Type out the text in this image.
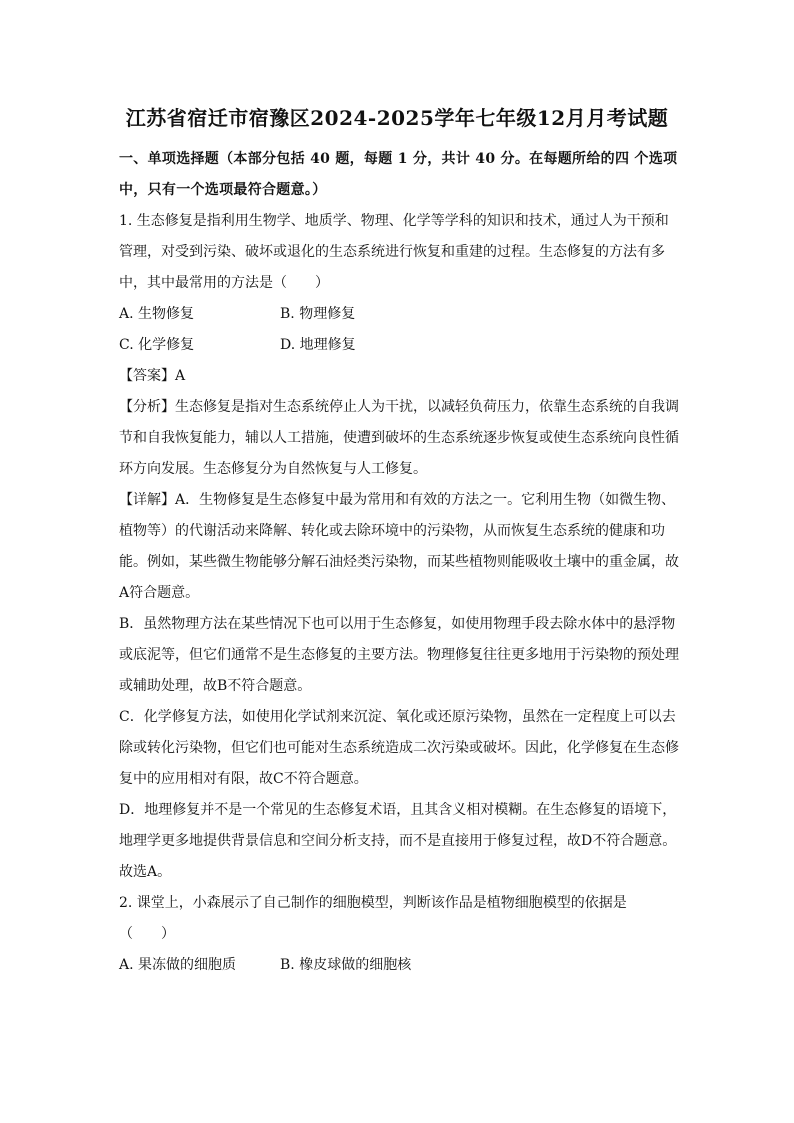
江苏省宿迁市宿豫区2024-2025学年七年级12月月考试题

一、单项选择题（本部分包括 40 题，每题 1 分，共计 40 分。在每题所给的四 个选项中，只有一个选项最符合题意。）

1. 生态修复是指利用生物学、地质学、物理、化学等学科的知识和技术，通过人为干预和管理，对受到污染、破坏或退化的生态系统进行恢复和重建的过程。生态修复的方法有多中，其中最常用的方法是（　　）

A. 生物修复	B. 物理修复
C. 化学修复	D. 地理修复

【答案】A

【分析】生态修复是指对生态系统停止人为干扰，以减轻负荷压力，依靠生态系统的自我调节和自我恢复能力，辅以人工措施，使遭到破坏的生态系统逐步恢复或使生态系统向良性循环方向发展。生态修复分为自然恢复与人工修复。

【详解】A．生物修复是生态修复中最为常用和有效的方法之一。它利用生物（如微生物、植物等）的代谢活动来降解、转化或去除环境中的污染物，从而恢复生态系统的健康和功能。例如，某些微生物能够分解石油烃类污染物，而某些植物则能吸收土壤中的重金属，故A符合题意。

B．虽然物理方法在某些情况下也可以用于生态修复，如使用物理手段去除水体中的悬浮物或底泥等，但它们通常不是生态修复的主要方法。物理修复往往更多地用于污染物的预处理或辅助处理，故B不符合题意。

C．化学修复方法，如使用化学试剂来沉淀、氧化或还原污染物，虽然在一定程度上可以去除或转化污染物，但它们也可能对生态系统造成二次污染或破坏。因此，化学修复在生态修复中的应用相对有限，故C不符合题意。

D．地理修复并不是一个常见的生态修复术语，且其含义相对模糊。在生态修复的语境下，地理学更多地提供背景信息和空间分析支持，而不是直接用于修复过程，故D不符合题意。

故选A。

2. 课堂上，小森展示了自己制作的细胞模型，判断该作品是植物细胞模型的依据是

（　　）

A. 果冻做的细胞质	B. 橡皮球做的细胞核
